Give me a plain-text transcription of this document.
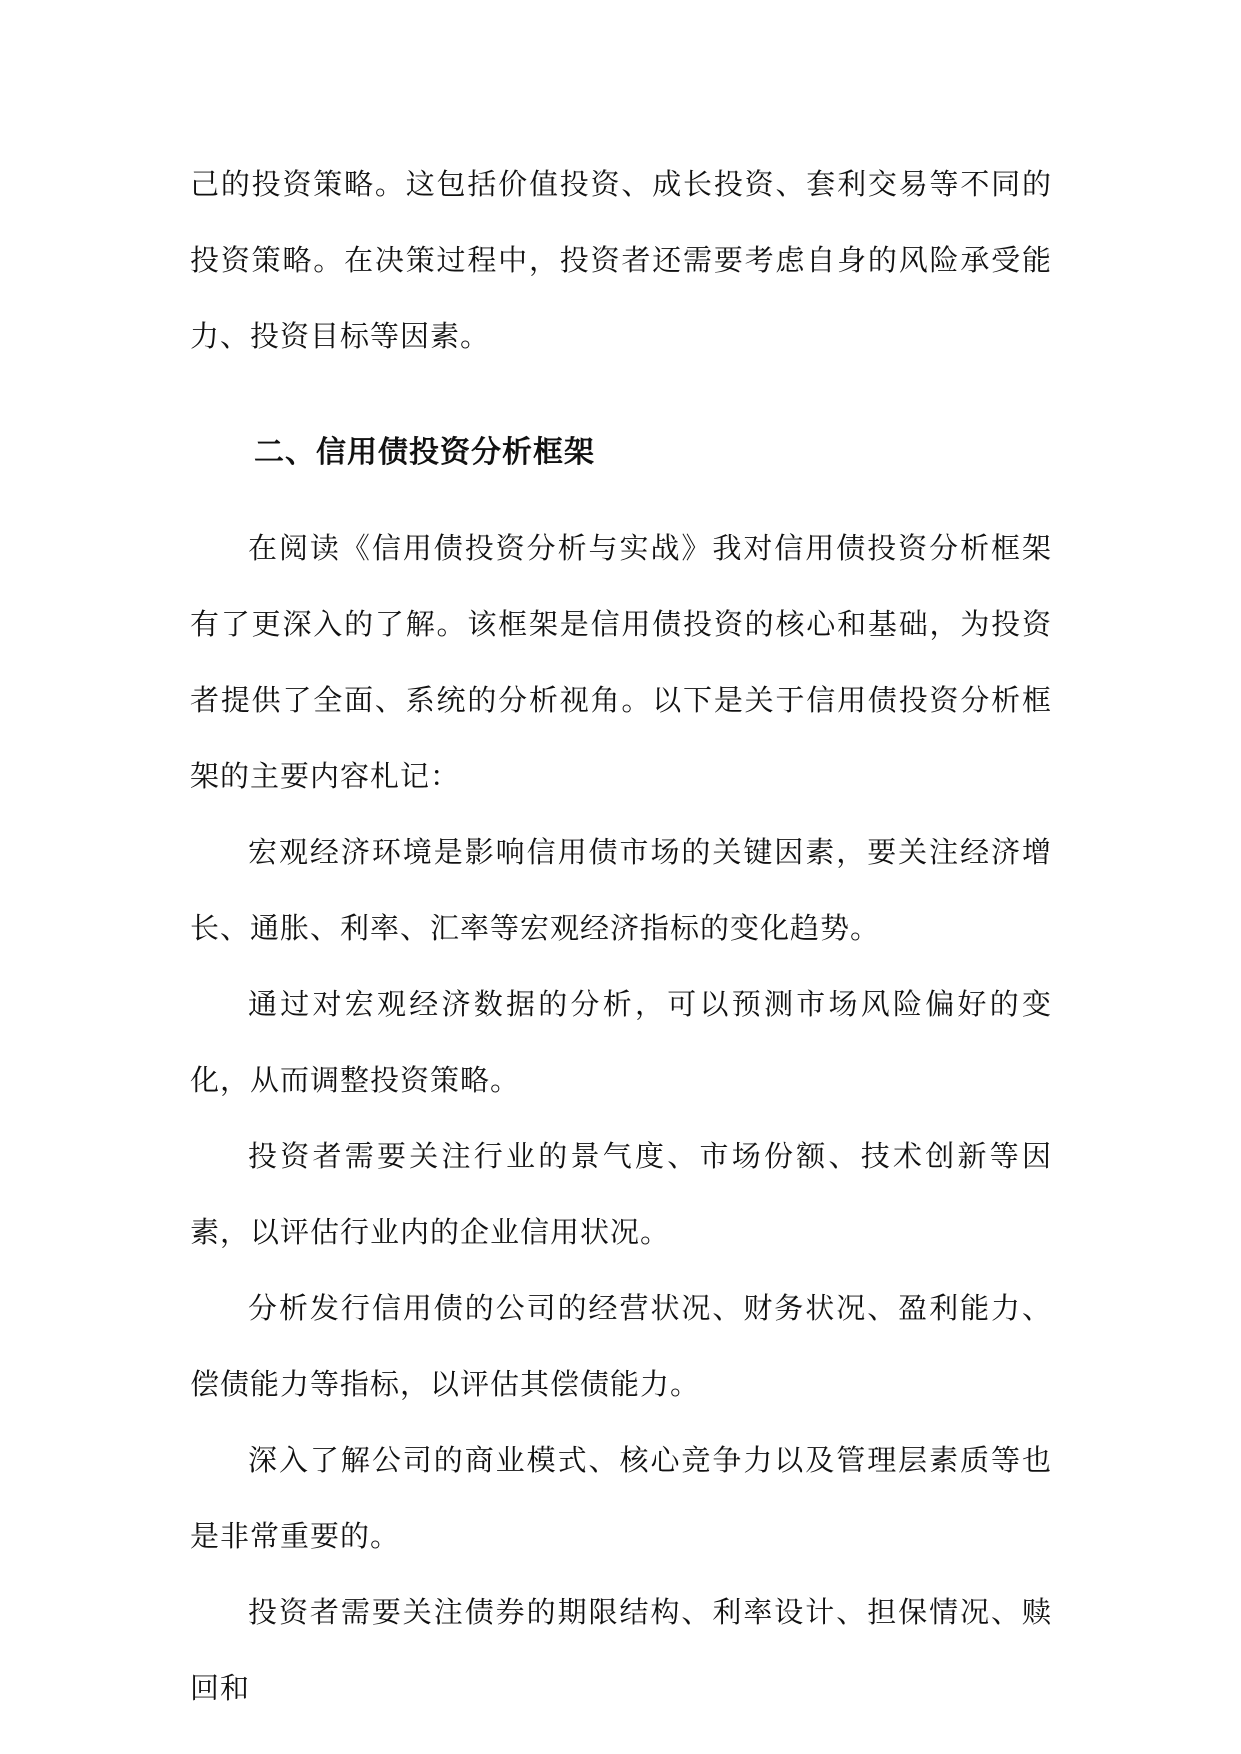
己的投资策略。这包括价值投资、成长投资、套利交易等不同的投资策略。在决策过程中，投资者还需要考虑自身的风险承受能力、投资目标等因素。

二、信用债投资分析框架

在阅读《信用债投资分析与实战》我对信用债投资分析框架有了更深入的了解。该框架是信用债投资的核心和基础，为投资者提供了全面、系统的分析视角。以下是关于信用债投资分析框架的主要内容札记：

宏观经济环境是影响信用债市场的关键因素，要关注经济增长、通胀、利率、汇率等宏观经济指标的变化趋势。

通过对宏观经济数据的分析，可以预测市场风险偏好的变化，从而调整投资策略。

投资者需要关注行业的景气度、市场份额、技术创新等因素，以评估行业内的企业信用状况。

分析发行信用债的公司的经营状况、财务状况、盈利能力、偿债能力等指标，以评估其偿债能力。

深入了解公司的商业模式、核心竞争力以及管理层素质等也是非常重要的。

投资者需要关注债券的期限结构、利率设计、担保情况、赎回和
